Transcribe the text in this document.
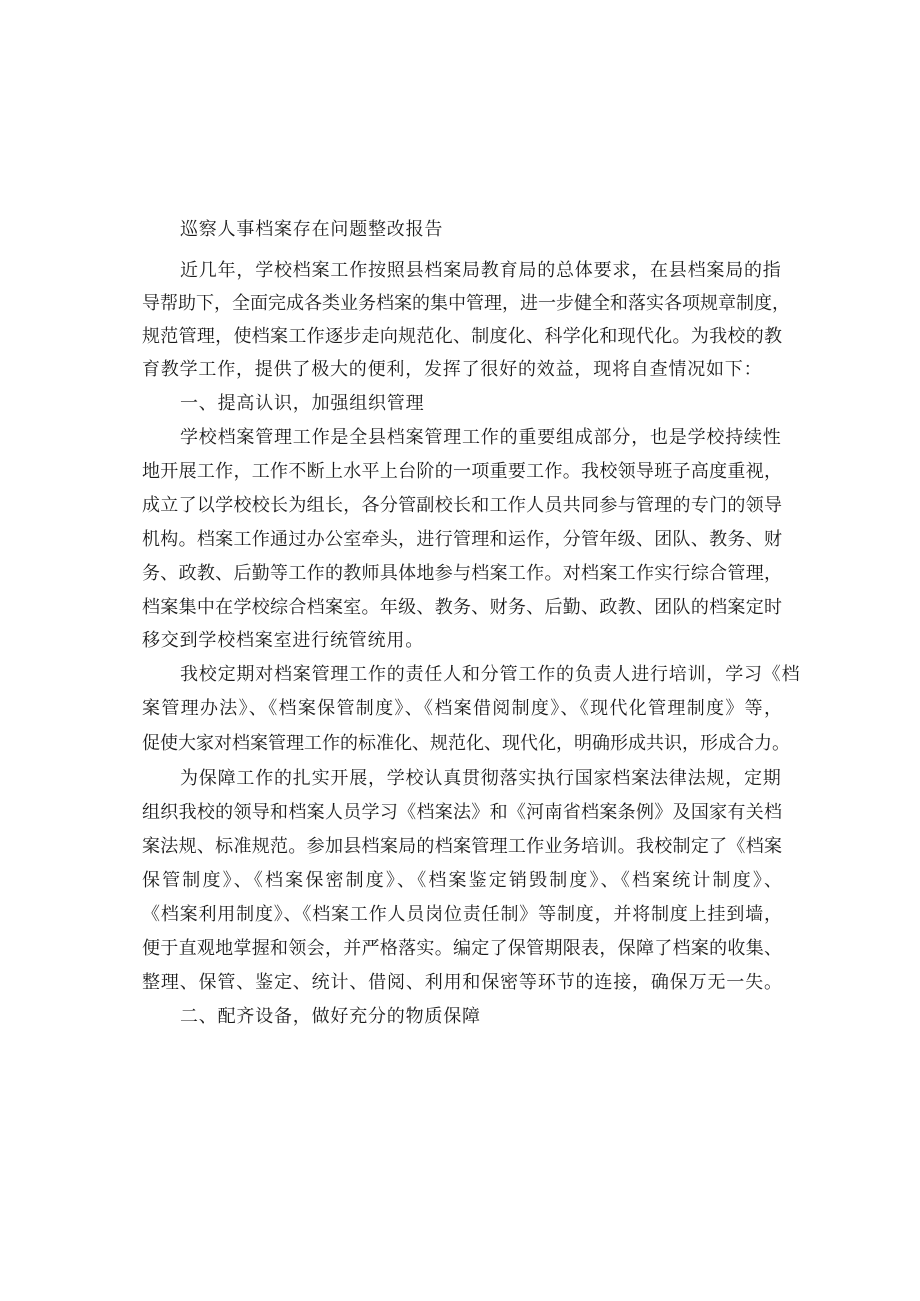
巡察人事档案存在问题整改报告
近几年，学校档案工作按照县档案局教育局的总体要求，在县档案局的指
导帮助下，全面完成各类业务档案的集中管理，进一步健全和落实各项规章制度，
规范管理，使档案工作逐步走向规范化、制度化、科学化和现代化。为我校的教
育教学工作，提供了极大的便利，发挥了很好的效益，现将自查情况如下：
一、提高认识，加强组织管理
学校档案管理工作是全县档案管理工作的重要组成部分，也是学校持续性
地开展工作，工作不断上水平上台阶的一项重要工作。我校领导班子高度重视，
成立了以学校校长为组长，各分管副校长和工作人员共同参与管理的专门的领导
机构。档案工作通过办公室牵头，进行管理和运作，分管年级、团队、教务、财
务、政教、后勤等工作的教师具体地参与档案工作。对档案工作实行综合管理，
档案集中在学校综合档案室。年级、教务、财务、后勤、政教、团队的档案定时
移交到学校档案室进行统管统用。
我校定期对档案管理工作的责任人和分管工作的负责人进行培训，学习《档
案管理办法》、《档案保管制度》、《档案借阅制度》、《现代化管理制度》等，
促使大家对档案管理工作的标准化、规范化、现代化，明确形成共识，形成合力。
为保障工作的扎实开展，学校认真贯彻落实执行国家档案法律法规，定期
组织我校的领导和档案人员学习《档案法》和《河南省档案条例》及国家有关档
案法规、标准规范。参加县档案局的档案管理工作业务培训。我校制定了《档案
保管制度》、《档案保密制度》、《档案鉴定销毁制度》、《档案统计制度》、
《档案利用制度》、《档案工作人员岗位责任制》等制度，并将制度上挂到墙，
便于直观地掌握和领会，并严格落实。编定了保管期限表，保障了档案的收集、
整理、保管、鉴定、统计、借阅、利用和保密等环节的连接，确保万无一失。
二、配齐设备，做好充分的物质保障
